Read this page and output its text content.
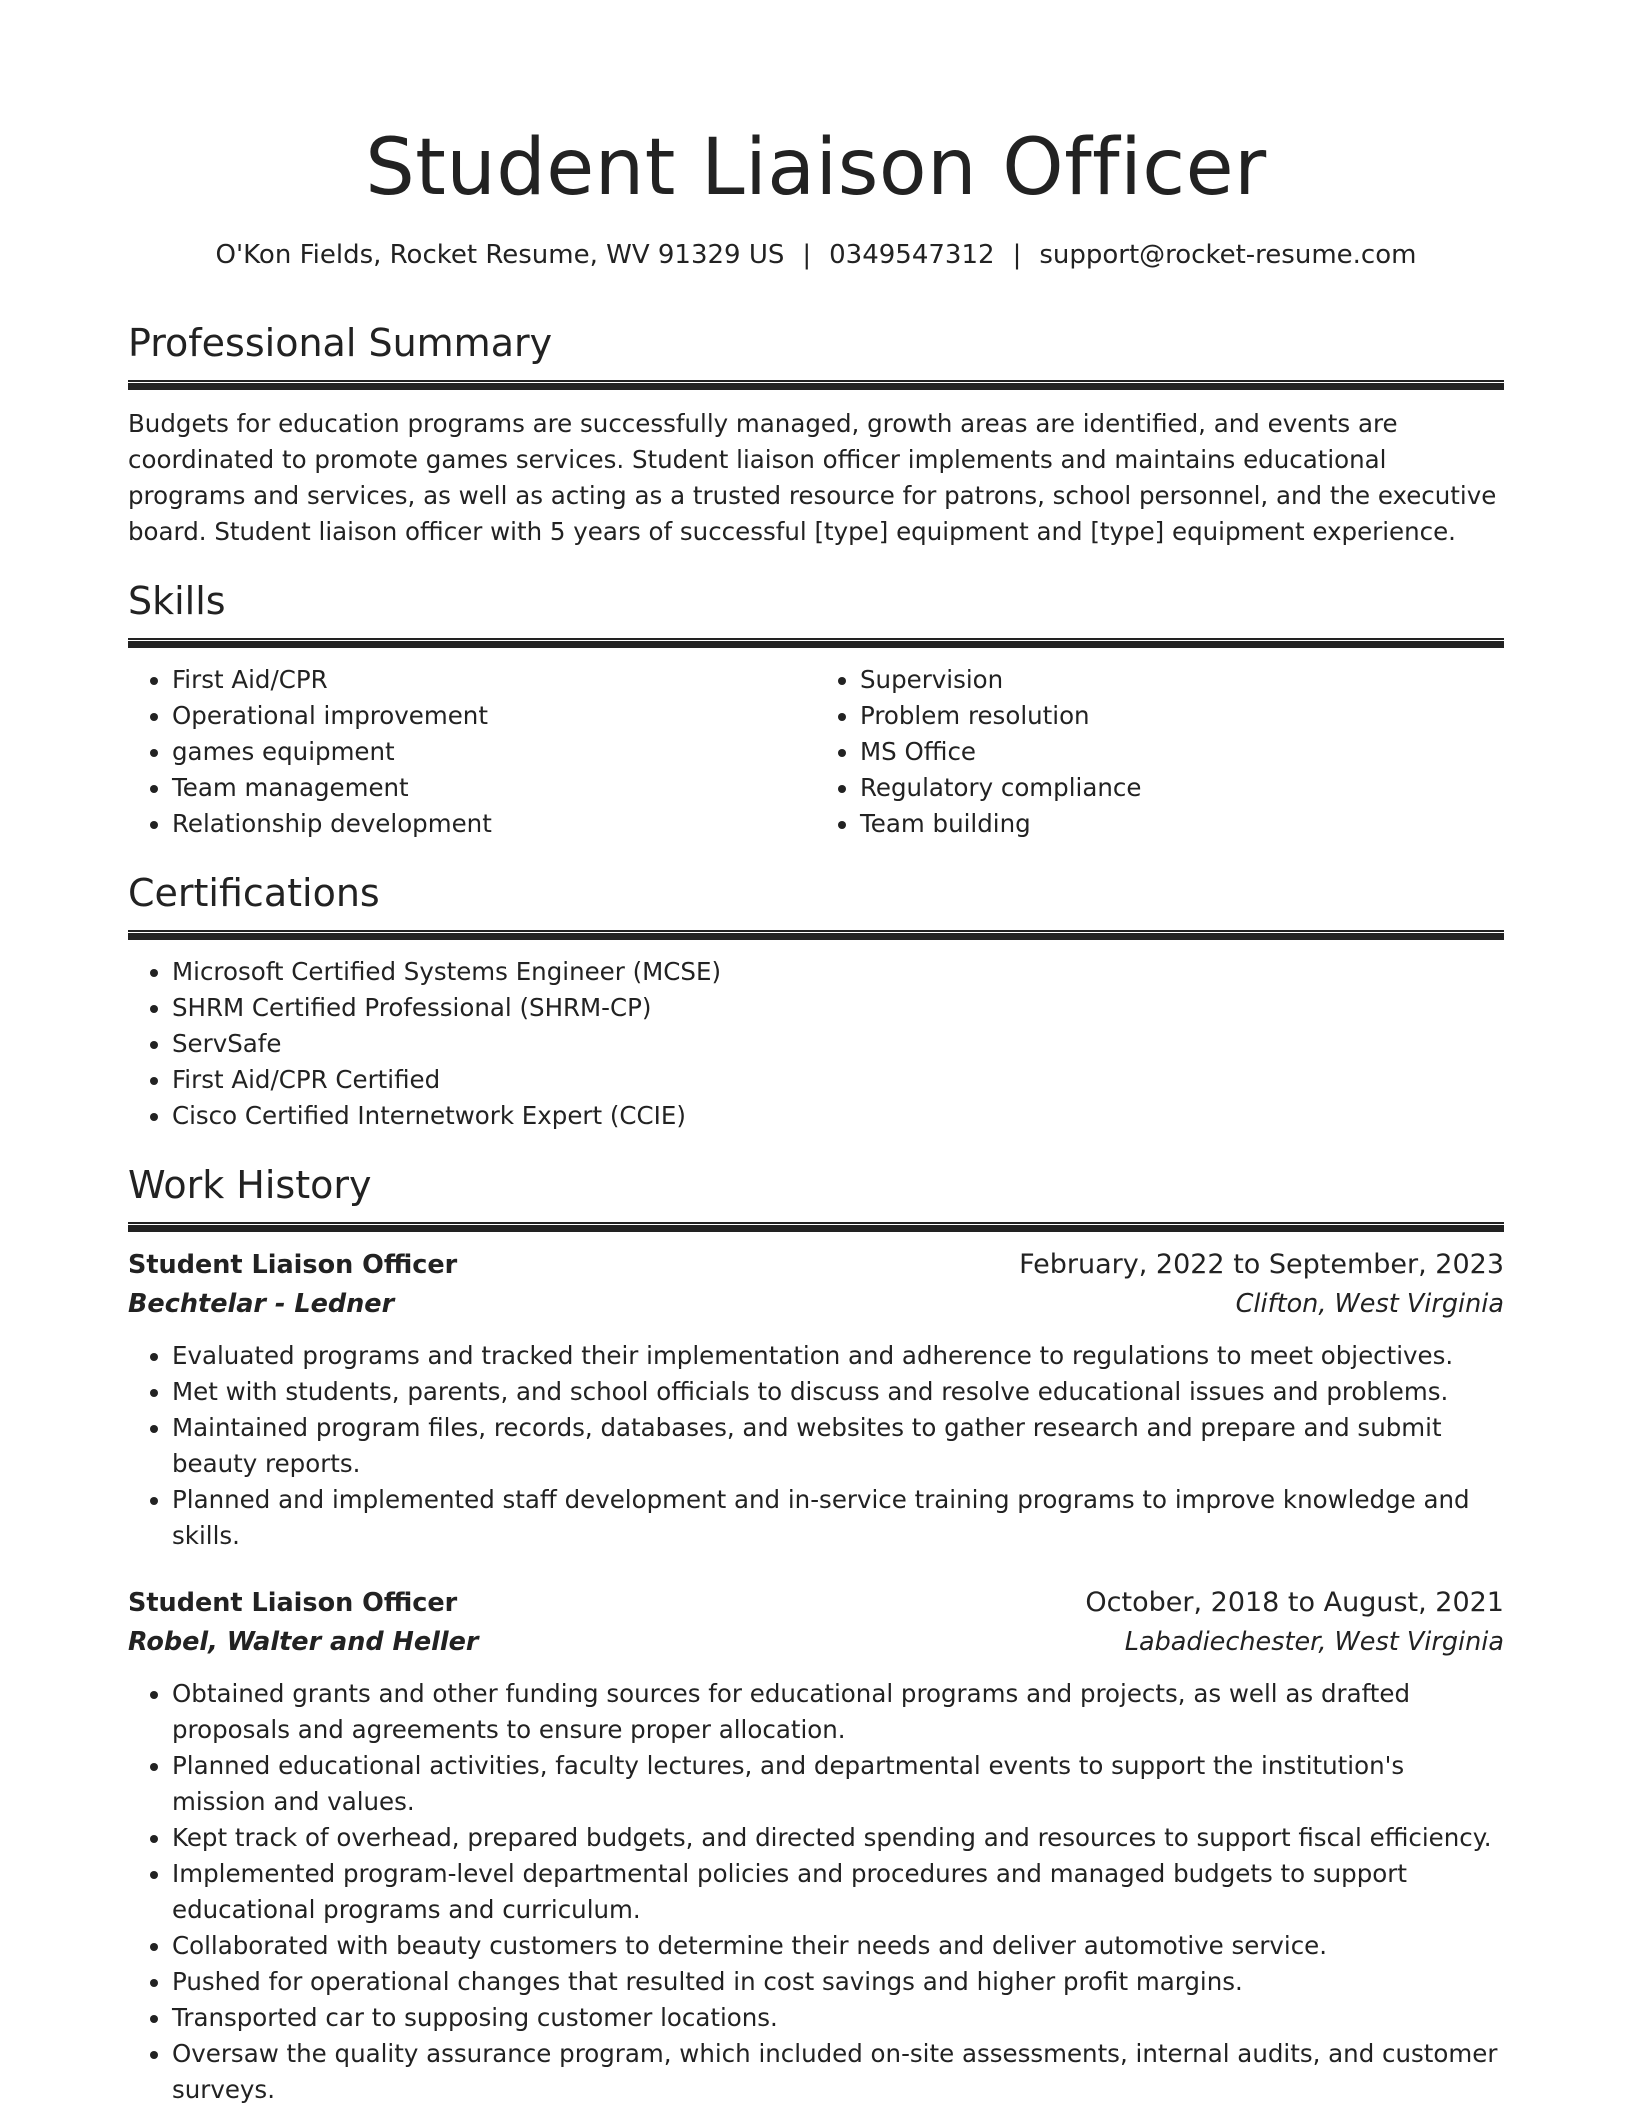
Student Liaison Officer
O'Kon Fields, Rocket Resume, WV 91329 US | 0349547312 | support@rocket-resume.com
Professional Summary

Budgets for education programs are successfully managed, growth areas are identified, and events are coordinated to promote games services. Student liaison officer implements and maintains educational programs and services, as well as acting as a trusted resource for patrons, school personnel, and the executive board. Student liaison officer with 5 years of successful [type] equipment and [type] equipment experience.

Skills
• First Aid/CPR
• Operational improvement
• games equipment
• Team management
• Relationship development
• Supervision
• Problem resolution
• MS Office
• Regulatory compliance
• Team building
Certifications
• Microsoft Certified Systems Engineer (MCSE)
• SHRM Certified Professional (SHRM-CP)
• ServSafe
• First Aid/CPR Certified
• Cisco Certified Internetwork Expert (CCIE)
Work History
Student Liaison Officer	February, 2022 to September, 2023
Bechtelar - Ledner	Clifton, West Virginia
• Evaluated programs and tracked their implementation and adherence to regulations to meet objectives.
• Met with students, parents, and school officials to discuss and resolve educational issues and problems.
• Maintained program files, records, databases, and websites to gather research and prepare and submit beauty reports.
• Planned and implemented staff development and in-service training programs to improve knowledge and skills.
Student Liaison Officer	October, 2018 to August, 2021
Robel, Walter and Heller	Labadiechester, West Virginia
• Obtained grants and other funding sources for educational programs and projects, as well as drafted proposals and agreements to ensure proper allocation.
• Planned educational activities, faculty lectures, and departmental events to support the institution's mission and values.
• Kept track of overhead, prepared budgets, and directed spending and resources to support fiscal efficiency.
• Implemented program-level departmental policies and procedures and managed budgets to support educational programs and curriculum.
• Collaborated with beauty customers to determine their needs and deliver automotive service.
• Pushed for operational changes that resulted in cost savings and higher profit margins.
• Transported car to supposing customer locations.
• Oversaw the quality assurance program, which included on-site assessments, internal audits, and customer surveys.
